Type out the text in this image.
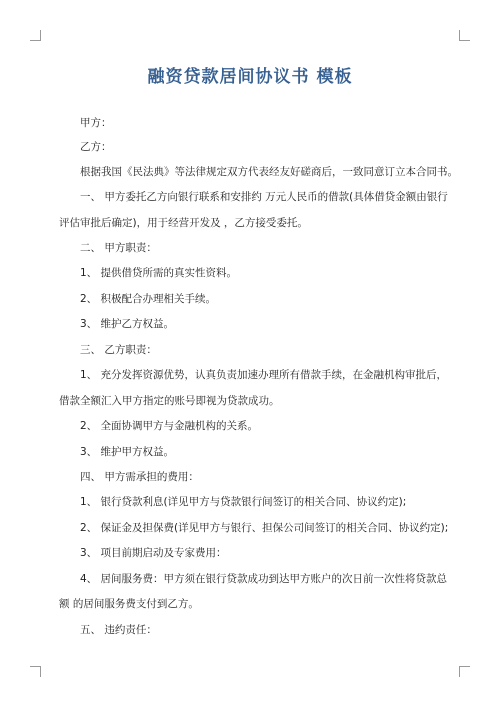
融资贷款居间协议书 模板
甲方：
乙方：
根据我国《民法典》等法律规定双方代表经友好磋商后，一致同意订立本合同书。
一、 甲方委托乙方向银行联系和安排约 万元人民币的借款(具体借贷金额由银行
评估审批后确定)，用于经营开发及 ，乙方接受委托。
二、 甲方职责：
1、 提供借贷所需的真实性资料。
2、 积极配合办理相关手续。
3、 维护乙方权益。
三、 乙方职责：
1、 充分发挥资源优势，认真负责加速办理所有借款手续，在金融机构审批后，
借款全额汇入甲方指定的账号即视为贷款成功。
2、 全面协调甲方与金融机构的关系。
3、 维护甲方权益。
四、 甲方需承担的费用：
1、 银行贷款利息(详见甲方与贷款银行间签订的相关合同、协议约定);
2、 保证金及担保费(详见甲方与银行、担保公司间签订的相关合同、协议约定);
3、 项目前期启动及专家费用：
4、 居间服务费：甲方须在银行贷款成功到达甲方账户的次日前一次性将贷款总
额 的居间服务费支付到乙方。
五、 违约责任：
